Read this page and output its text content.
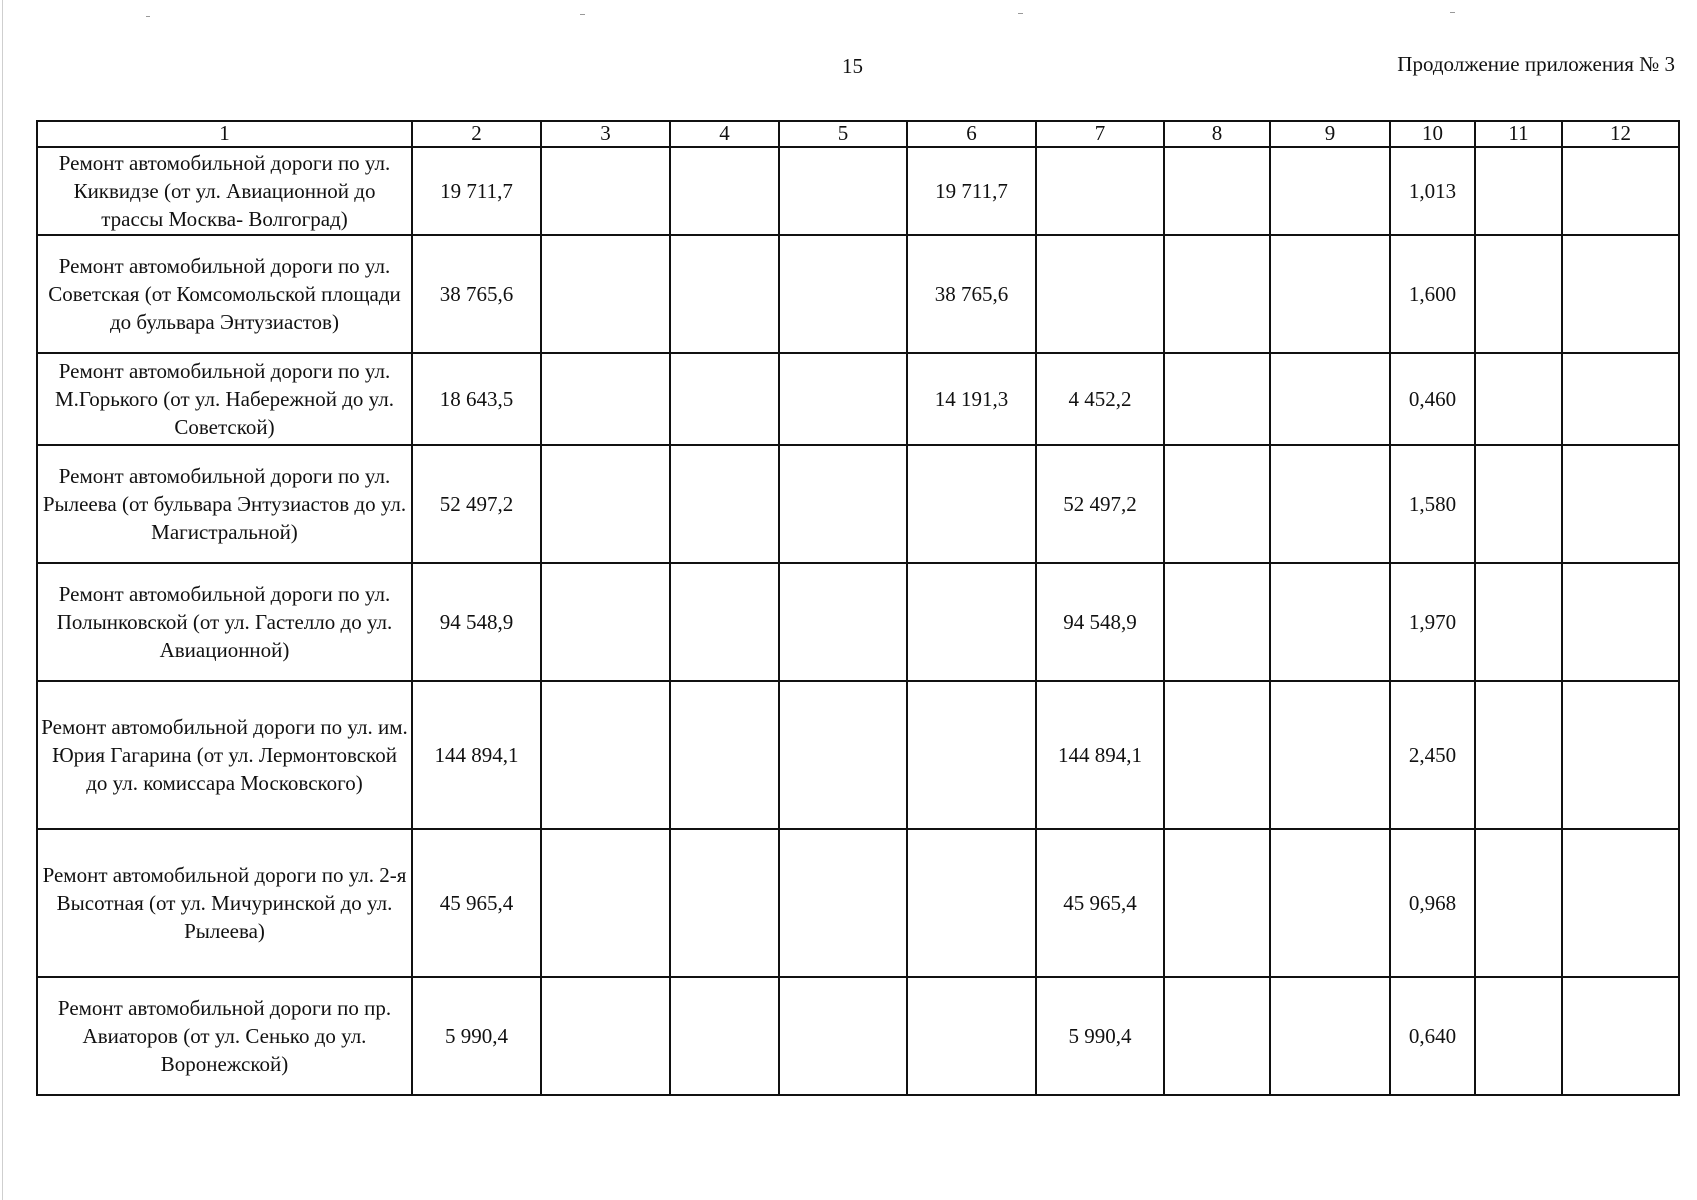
15	Продолжение приложения № 3
1	2	3	4	5	6	7	8	9	10	11	12
Ремонт автомобильной дороги по ул. Киквидзе (от ул. Авиационной до трассы Москва- Волгоград)	19 711,7				19 711,7				1,013		
Ремонт автомобильной дороги по ул. Советская (от Комсомольской площади до бульвара Энтузиастов)	38 765,6				38 765,6				1,600		
Ремонт автомобильной дороги по ул. М.Горького (от ул. Набережной до ул. Советской)	18 643,5				14 191,3	4 452,2			0,460		
Ремонт автомобильной дороги по ул. Рылеева (от бульвара Энтузиастов до ул. Магистральной)	52 497,2					52 497,2			1,580		
Ремонт автомобильной дороги по ул. Полынковской (от ул. Гастелло до ул. Авиационной)	94 548,9					94 548,9			1,970		
Ремонт автомобильной дороги по ул. им. Юрия Гагарина (от ул. Лермонтовской до ул. комиссара Московского)	144 894,1					144 894,1			2,450		
Ремонт автомобильной дороги по ул. 2-я Высотная (от ул. Мичуринской до ул. Рылеева)	45 965,4					45 965,4			0,968		
Ремонт автомобильной дороги по пр. Авиаторов (от ул. Сенько до ул. Воронежской)	5 990,4					5 990,4			0,640		
